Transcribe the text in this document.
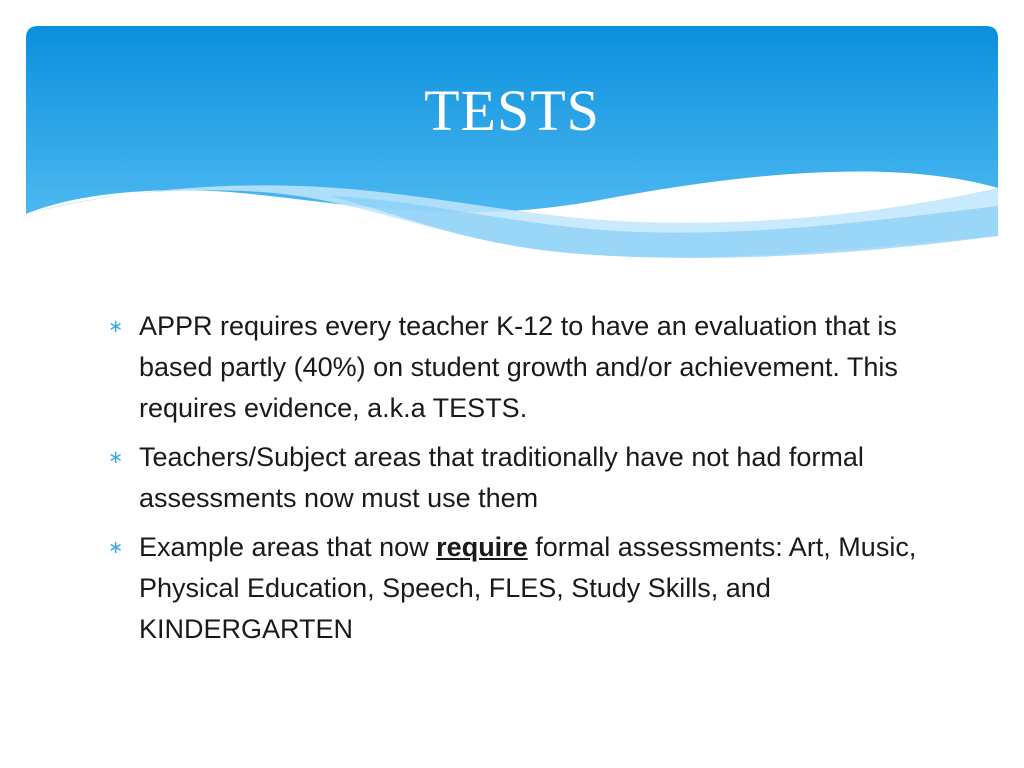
TESTS
∗ APPR requires every teacher K-12 to have an evaluation that is based partly (40%) on student growth and/or achievement. This requires evidence, a.k.a TESTS.
∗ Teachers/Subject areas that traditionally have not had formal assessments now must use them
∗ Example areas that now require formal assessments: Art, Music, Physical Education, Speech, FLES, Study Skills, and KINDERGARTEN
